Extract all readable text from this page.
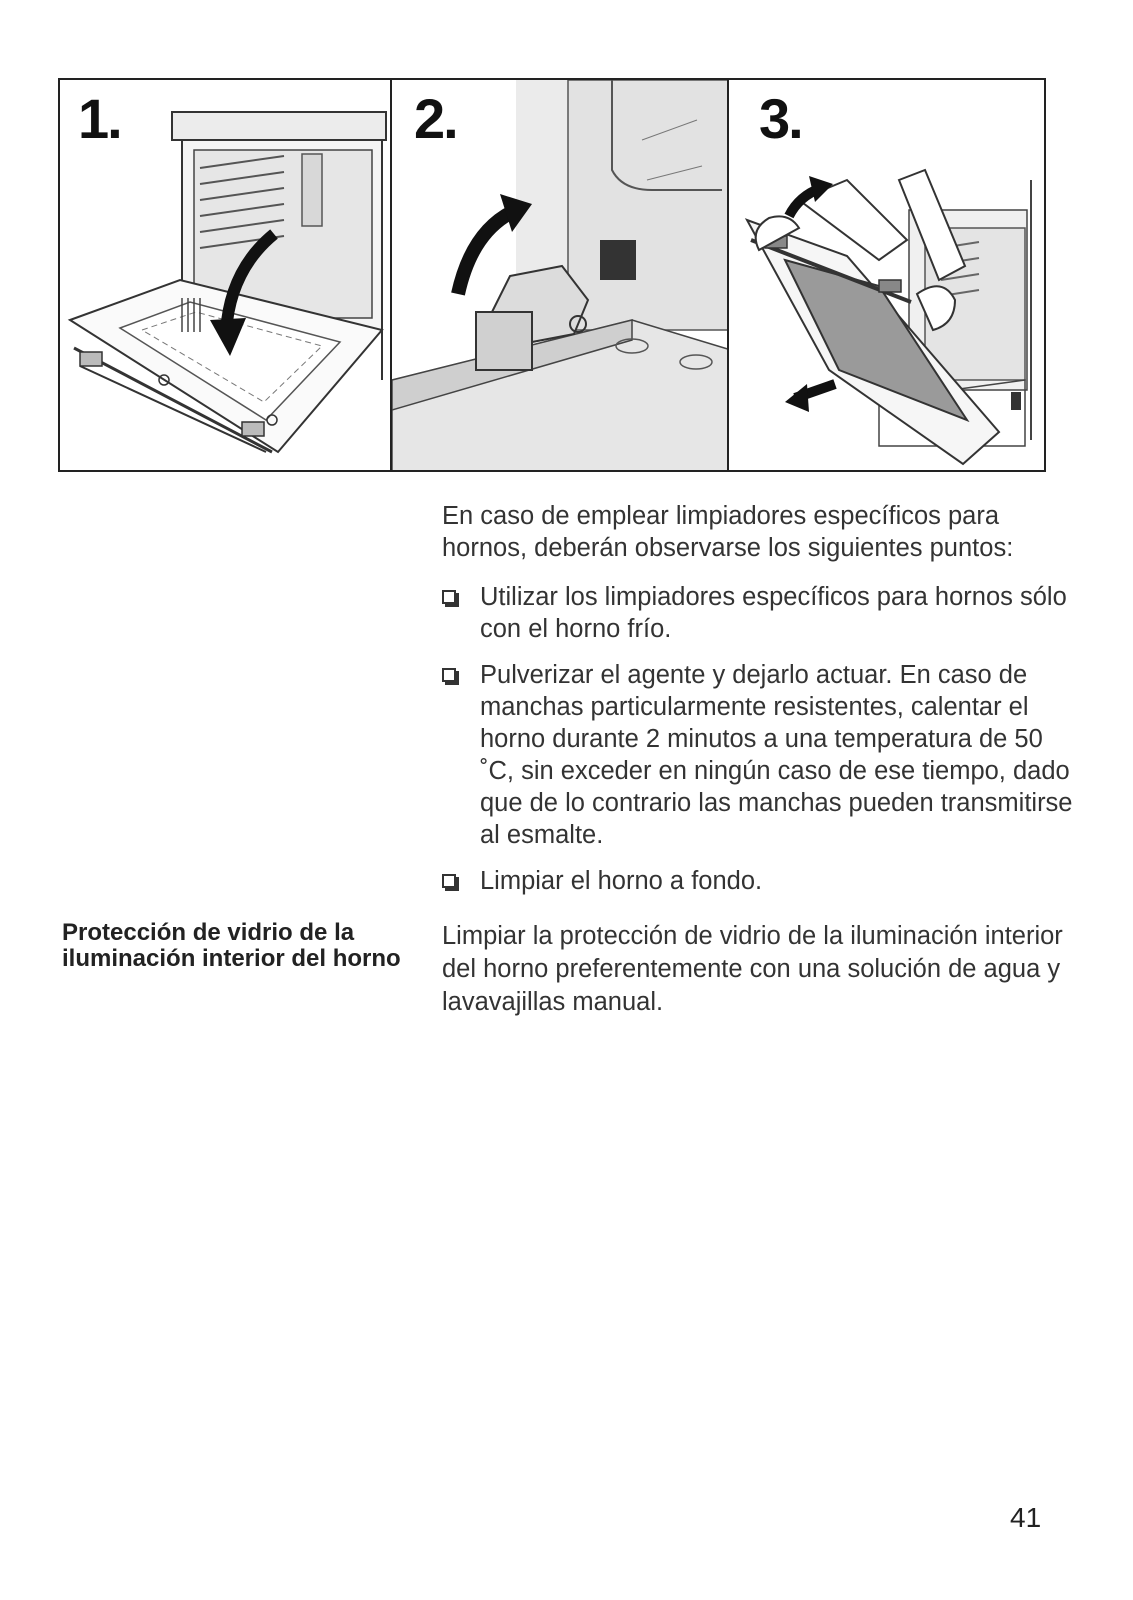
1.	2.	3.
En caso de emplear limpiadores específicos para hornos, deberán observarse los siguientes puntos:
Utilizar los limpiadores específicos para hornos sólo con el horno frío.
Pulverizar el agente y dejarlo actuar. En caso de manchas particularmente resistentes, calentar el horno durante 2 minutos a una temperatura de 50 ˚C, sin exceder en ningún caso de ese tiempo, dado que de lo contrario las manchas pueden transmitirse al esmalte.
Limpiar el horno a fondo.
Protección de vidrio de la iluminación interior del horno
Limpiar la protección de vidrio de la iluminación interior del horno preferentemente con una solución de agua y lavavajillas manual.
41
